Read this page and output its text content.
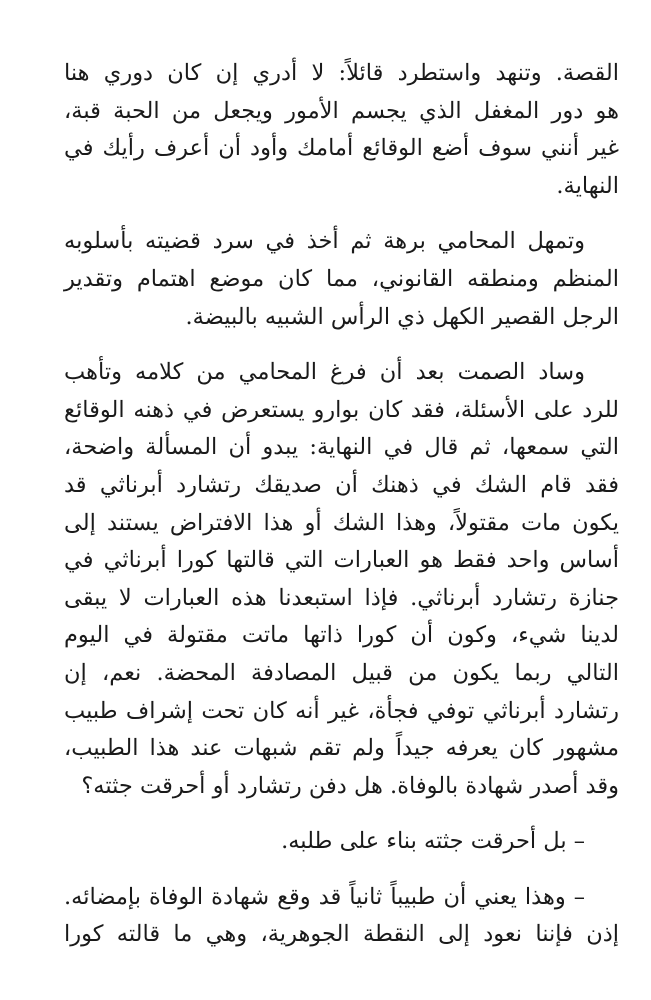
القصة. وتنهد واستطرد قائلاً: لا أدري إن كان دوري هنا
هو دور المغفل الذي يجسم الأمور ويجعل من الحبة قبة،
غير أنني سوف أضع الوقائع أمامك وأود أن أعرف رأيك في
النهاية.
وتمهل المحامي برهة ثم أخذ في سرد قضيته بأسلوبه
المنظم ومنطقه القانوني، مما كان موضع اهتمام وتقدير
الرجل القصير الكهل ذي الرأس الشبيه بالبيضة.
وساد الصمت بعد أن فرغ المحامي من كلامه وتأهب
للرد على الأسئلة، فقد كان بوارو يستعرض في ذهنه الوقائع
التي سمعها، ثم قال في النهاية: يبدو أن المسألة واضحة،
فقد قام الشك في ذهنك أن صديقك رتشارد أبرناثي قد
يكون مات مقتولاً، وهذا الشك أو هذا الافتراض يستند إلى
أساس واحد فقط هو العبارات التي قالتها كورا أبرناثي في
جنازة رتشارد أبرناثي. فإذا استبعدنا هذه العبارات لا يبقى
لدينا شيء، وكون أن كورا ذاتها ماتت مقتولة في اليوم
التالي ربما يكون من قبيل المصادفة المحضة. نعم، إن
رتشارد أبرناثي توفي فجأة، غير أنه كان تحت إشراف طبيب
مشهور كان يعرفه جيداً ولم تقم شبهات عند هذا الطبيب،
وقد أصدر شهادة بالوفاة. هل دفن رتشارد أو أحرقت جثته؟
– بل أحرقت جثته بناء على طلبه.
– وهذا يعني أن طبيباً ثانياً قد وقع شهادة الوفاة بإمضائه.
إذن فإننا نعود إلى النقطة الجوهرية، وهي ما قالته كورا
